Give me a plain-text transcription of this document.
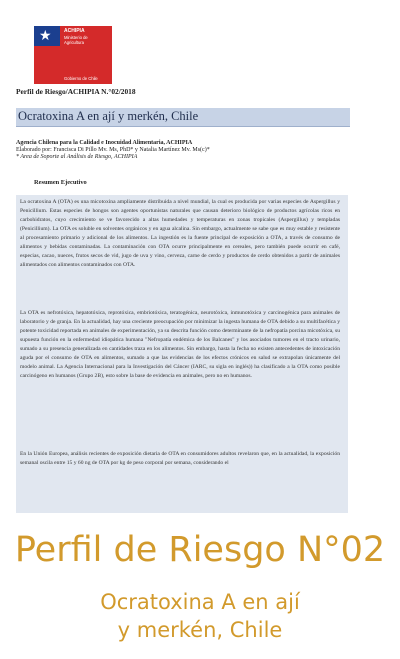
★ ACHIPIA
Ministerio de Agricultura
Gobierno de Chile
Perfil de Riesgo/ACHIPIA N.°02/2018
Ocratoxina A en ají y merkén, Chile
Agencia Chilena para la Calidad e Inocuidad Alimentaria, ACHIPIA
Elaborado por: Francisca Di Pillo Mv. Ms, PhD* y Natalia Martínez Mv. Ms(c)*
* Area de Soporte al Análisis de Riesgo, ACHIPIA
Resumen Ejecutivo
La ocratoxina A (OTA) es una micotoxina ampliamente distribuida a nivel mundial, la cual es producida por varias especies de Aspergillus y Penicillium. Estas especies de hongos son agentes oportunistas naturales que causan deterioro biológico de productos agrícolas ricos en carbohidratos, cuyo crecimiento se ve favorecido a altas humedades y temperaturas en zonas tropicales (Aspergillus) y templadas (Penicillium). La OTA es soluble en solventes orgánicos y en agua alcalina. Sin embargo, actualmente se sabe que es muy estable y resistente al procesamiento primario y adicional de los alimentos. La ingestión es la fuente principal de exposición a OTA, a través de consumo de alimentos y bebidas contaminadas. La contaminación con OTA ocurre principalmente en cereales, pero también puede ocurrir en café, especias, cacao, nueces, frutos secos de vid, jugo de uva y vino, cerveza, carne de cerdo y productos de cerdo obtenidos a partir de animales alimentados con alimentos contaminados con OTA.
La OTA es nefrotóxica, hepatotóxica, reprotóxica, embriotóxica, teratogénica, neurotóxica, inmunotóxica y carcinogénica para animales de laboratorio y de granja. En la actualidad, hay una creciente preocupación por minimizar la ingesta humana de OTA debido a su multifacética y potente toxicidad reportada en animales de experimentación, ya su descrita función como determinante de la nefropatía porcina micotóxica, su supuesta función en la enfermedad idiopática humana "Nefropatía endémica de los Balcanes" y los asociados tumores en el tracto urinario, sumado a su presencia generalizada en cantidades traza en los alimentos. Sin embargo, hasta la fecha no existen antecedentes de intoxicación aguda por el consumo de OTA en alimentos, sumado a que las evidencias de los efectos crónicos en salud se extrapolan únicamente del modelo animal. La Agencia Internacional para la Investigación del Cáncer (IARC, su sigla en inglés)) ha clasificado a la OTA como posible carcinógeno en humanos (Grupo 2B), esto sobre la base de evidencia en animales, pero no en humanos.
En la Unión Europea, análisis recientes de exposición dietaria de OTA en consumidores adultos revelaron que, en la actualidad, la exposición semanal oscila entre 15 y 60 ng de OTA por kg de peso corporal por semana, considerando el
Perfil de Riesgo N°02
Ocratoxina A en ají
y merkén, Chile
